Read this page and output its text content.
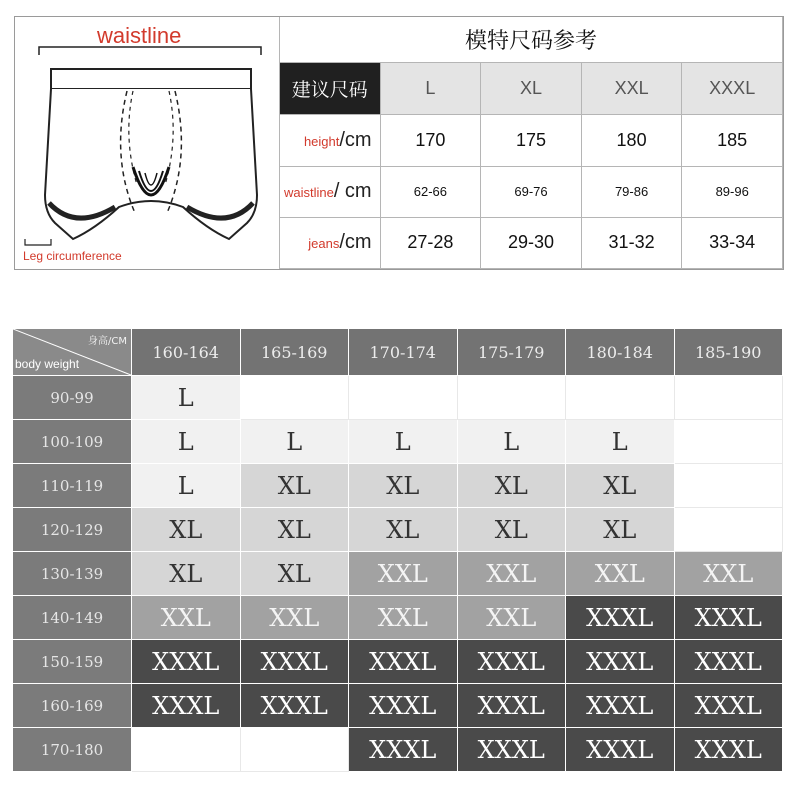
waistline
Leg circumference
模特尺码参考				
建议尺码	L	XL	XXL	XXXL
height/cm	170	175	180	185
waistline/ cm	62-66	69-76	79-86	89-96
jeans/cm	27-28	29-30	31-32	33-34
身高/CM
body weight	160-164	165-169	170-174	175-179	180-184	185-190
90-99	L					
100-109	L	L	L	L	L	
110-119	L	XL	XL	XL	XL	
120-129	XL	XL	XL	XL	XL	
130-139	XL	XL	XXL	XXL	XXL	XXL
140-149	XXL	XXL	XXL	XXL	XXXL	XXXL
150-159	XXXL	XXXL	XXXL	XXXL	XXXL	XXXL
160-169	XXXL	XXXL	XXXL	XXXL	XXXL	XXXL
170-180			XXXL	XXXL	XXXL	XXXL
